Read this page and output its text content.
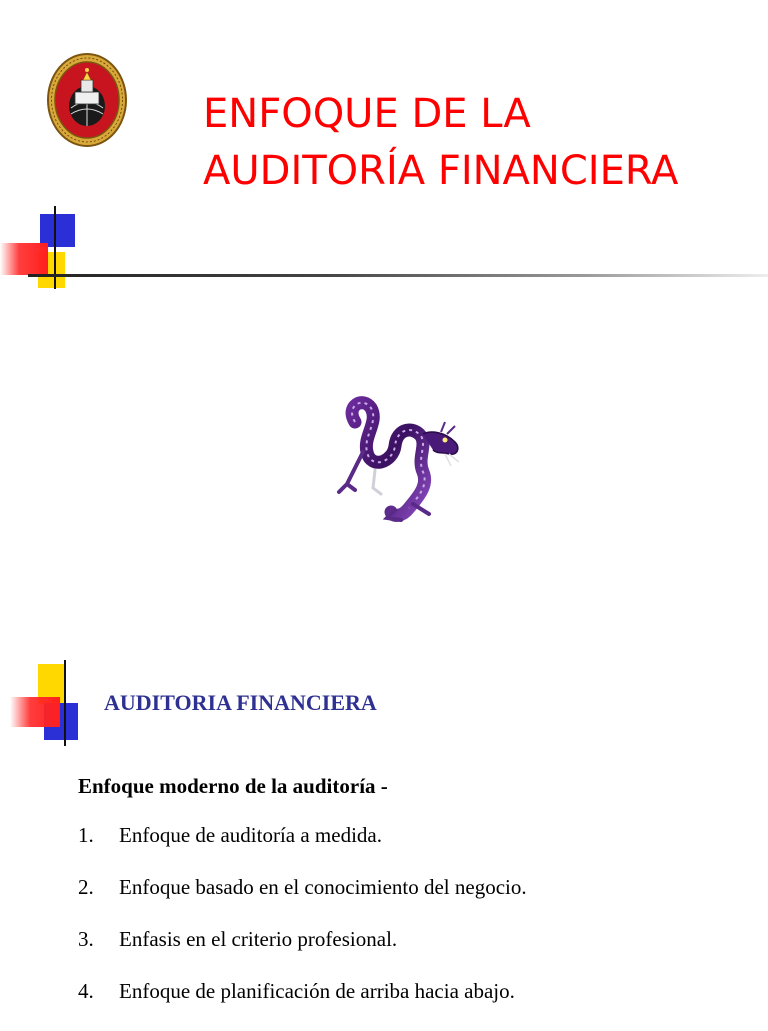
ENFOQUE DE LA
AUDITORÍA FINANCIERA
AUDITORIA FINANCIERA

Enfoque moderno de la auditoría -

1.	Enfoque de auditoría a medida.
2.	Enfoque basado en el conocimiento del negocio.
3.	Enfasis en el criterio profesional.
4.	Enfoque de planificación de arriba hacia abajo.
